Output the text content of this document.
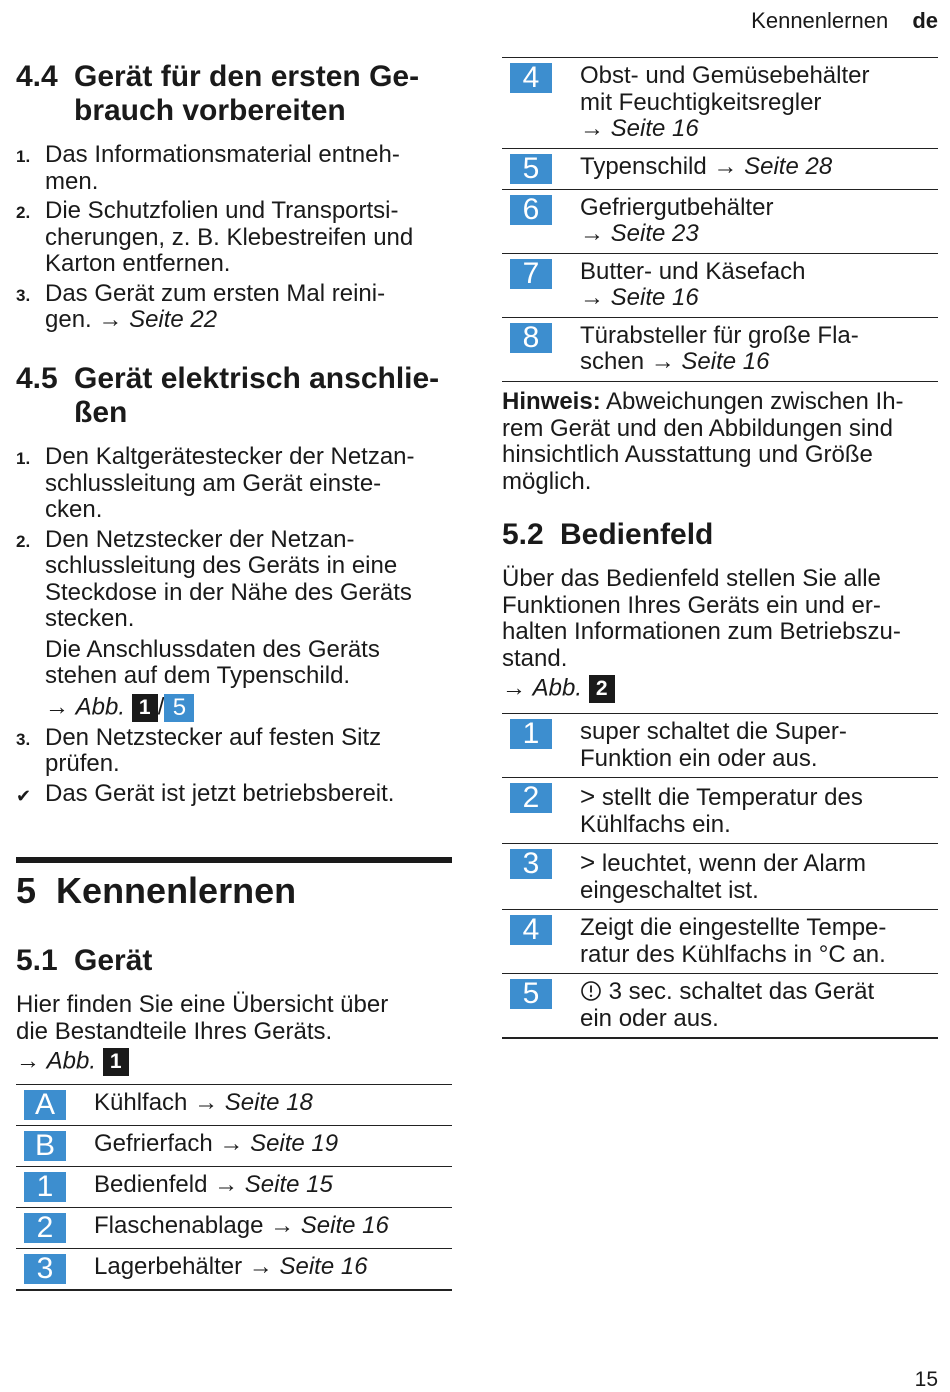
Kennenlernen de
4.4 Gerät für den ersten Ge-
brauch vorbereiten
1. Das Informationsmaterial entneh-
men.
2. Die Schutzfolien und Transportsi-
cherungen, z. B. Klebestreifen und
Karton entfernen.
3. Das Gerät zum ersten Mal reini-
gen. → Seite 22
4.5 Gerät elektrisch anschlie-
ßen
1. Den Kaltgerätestecker der Netzan-
schlussleitung am Gerät einste-
cken.
2. Den Netzstecker der Netzan-
schlussleitung des Geräts in eine
Steckdose in der Nähe des Geräts
stecken.

Die Anschlussdaten des Geräts
stehen auf dem Typenschild.

→ Abb. 1 / 5

3. Den Netzstecker auf festen Sitz
prüfen.
✔ Das Gerät ist jetzt betriebsbereit.
5 Kennenlernen
5.1 Gerät

Hier finden Sie eine Übersicht über
die Bestandteile Ihres Geräts.

→ Abb. 1

A	Kühlfach → Seite 18
B	Gefrierfach → Seite 19
1	Bedienfeld → Seite 15
2	Flaschenablage → Seite 16
3	Lagerbehälter → Seite 16
4	Obst- und Gemüsebehälter
mit Feuchtigkeitsregler
→ Seite 16
5	Typenschild → Seite 28
6	Gefriergutbehälter
→ Seite 23
7	Butter- und Käsefach
→ Seite 16
8	Türabsteller für große Fla-
schen → Seite 16

Hinweis: Abweichungen zwischen Ih-
rem Gerät und den Abbildungen sind
hinsichtlich Ausstattung und Größe
möglich.

5.2 Bedienfeld

Über das Bedienfeld stellen Sie alle
Funktionen Ihres Geräts ein und er-
halten Informationen zum Betriebszu-
stand.

→ Abb. 2

1	super schaltet die Super-
Funktion ein oder aus.
2	> stellt die Temperatur des
Kühlfachs ein.
3	> leuchtet, wenn der Alarm
eingeschaltet ist.
4	Zeigt die eingestellte Tempe-
ratur des Kühlfachs in °C an.
5	3 sec. schaltet das Gerät
ein oder aus.
15
